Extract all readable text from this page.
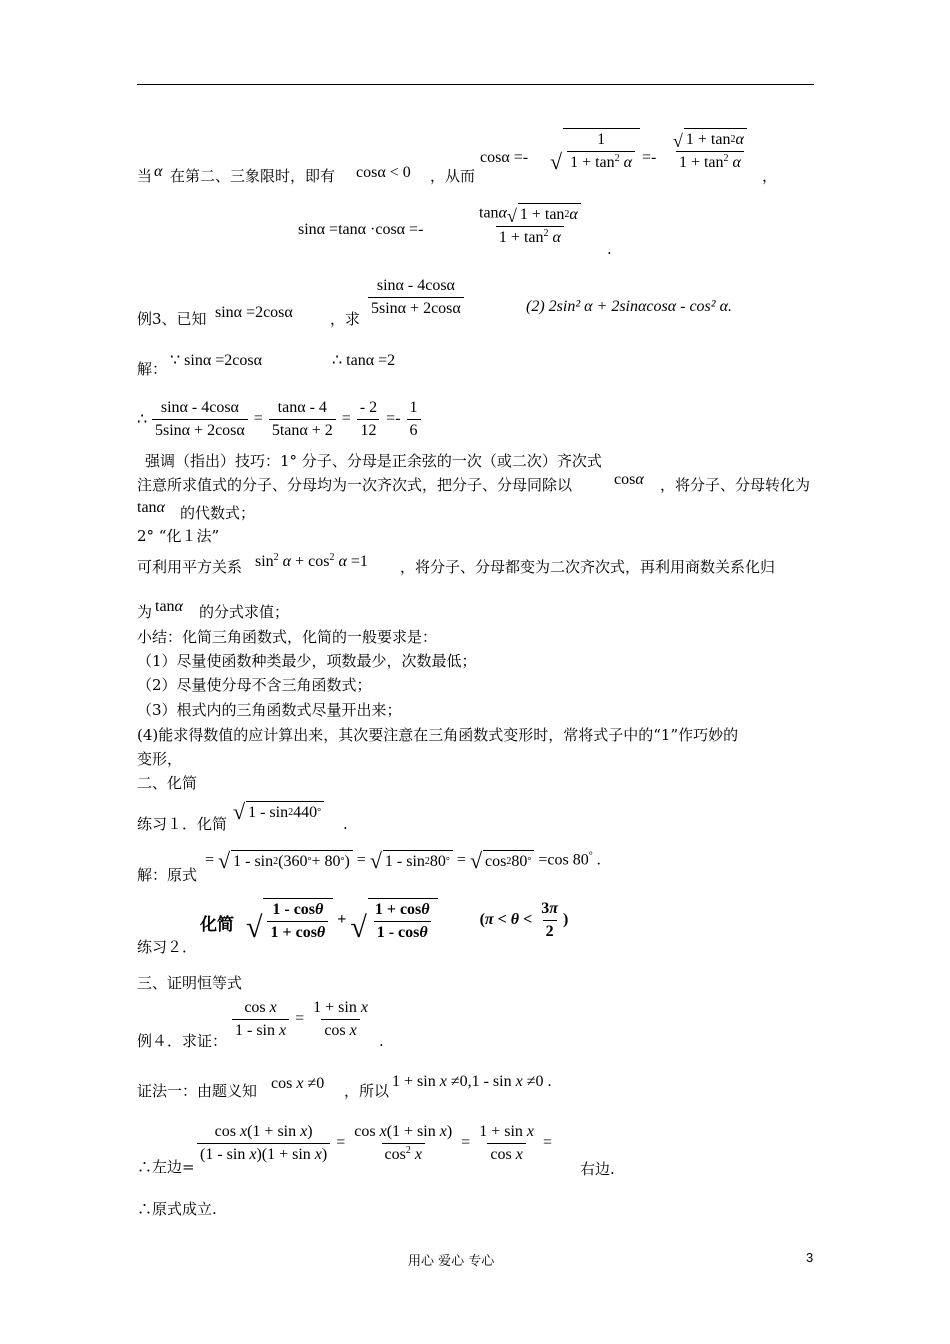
当 α 在第二、三象限时，即有 cosα < 0 ，从而
cosα =- √ $\frac{1}{1 + \tan^2 \alpha} =- \frac{√ 1 + \tan 2 \alpha}{1 + \tan^2 \alpha}$
，
sinα =tanα ·cosα =-	$\frac{\tan\alpha √ 1 + \tan 2 \alpha}{1 + \tan^2 \alpha}$
.
例3、已知 sinα =2cosα ，求 $\frac{\sin\alpha - 4\cos\alpha}{5\sin\alpha + 2\cos\alpha}$	(2) 2sin² α + 2sinαcosα - cos² α.
解： ∵ sinα =2cosα	∴ tanα =2
∴ $\frac{\sin\alpha - 4\cos\alpha}{5\sin\alpha + 2\cos\alpha} = \frac{\tan\alpha - 4}{5\tan\alpha + 2} = \frac{- 2}{12} =- \frac{1}{6}$
强调（指出）技巧：1° 分子、分母是正余弦的一次（或二次）齐次式
注意所求值式的分子、分母均为一次齐次式，把分子、分母同除以	cosα ，将分子、分母转化为
tanα 的代数式；
2° “化１法”
可利用平方关系 $\sin^2 \alpha + \cos^2 \alpha =1$ ，将分子、分母都变为二次齐次式，再利用商数关系化归
为 tanα 的分式求值；
小结：化简三角函数式，化简的一般要求是：
（1）尽量使函数种类最少，项数最少，次数最低；
（2）尽量使分母不含三角函数式；
（3）根式内的三角函数式尽量开出来；
(4)能求得数值的应计算出来，其次要注意在三角函数式变形时，常将式子中的“1”作巧妙的
变形，
二、化简
练习１．化简 √ 1 - sin 2 440 °
.
解：原式
= √ 1 - sin 2 (360 ° + 80 ° ) = √ 1 - sin 2 80 ° = √ cos 2 80 ° =cos 80° .
练习２．
化简 √ $\frac{1 - \cos\theta}{1 + \cos\theta}$ + √ $\frac{1 + \cos\theta}{1 - \cos\theta}$	($\pi < \theta < \frac{3\pi}{2}$ )
三、证明恒等式
例４．求证： $\frac{\text{cos x}}{\text{1 - sin x}} = \frac{\text{1 + sin x}}{\text{cos x}}$ .
证法一：由题义知 cos x ≠0 ，所以
1 + sin x ≠0,1 - sin x ≠0 .
∴左边=
$\frac{\text{cos x(1 + sin x)}}{\text{(1 - sin x)(1 + sin x)}} = \frac{\text{cos x(1 + sin x)}}{\cos^2 x} = \frac{\text{1 + sin x}}{\text{cos x}}$ =
右边.
∴原式成立.
用心 爱心 专心	3
